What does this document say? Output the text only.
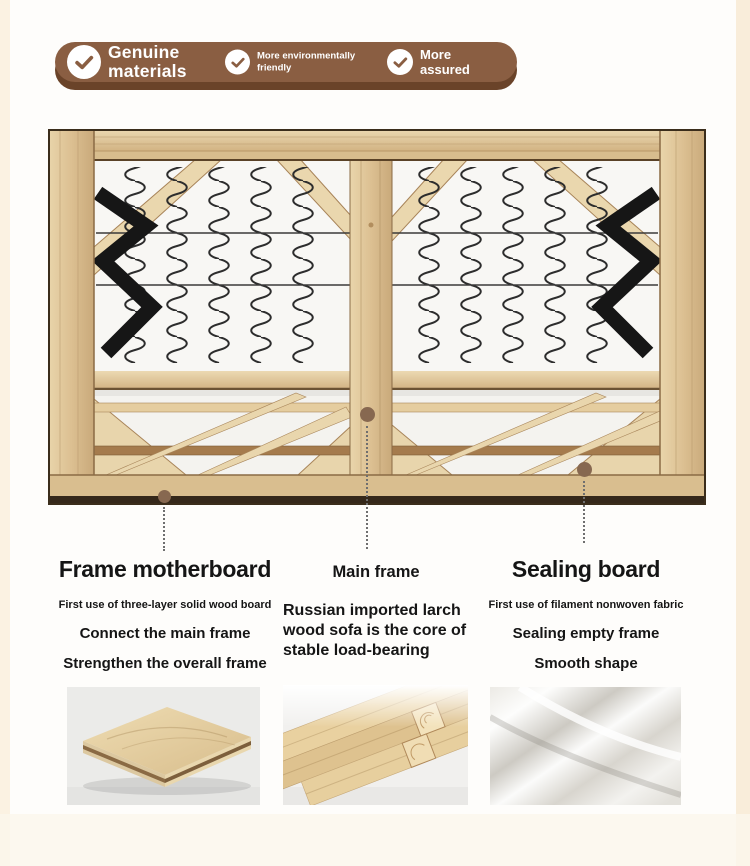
Genuine materials
More environmentally friendly
More assured
Frame motherboard
First use of three-layer solid wood board
Connect the main frame
Strengthen the overall frame
Main frame
Russian imported larch wood sofa is the core of stable load-bearing
Sealing board
First use of filament nonwoven fabric
Sealing empty frame
Smooth shape
